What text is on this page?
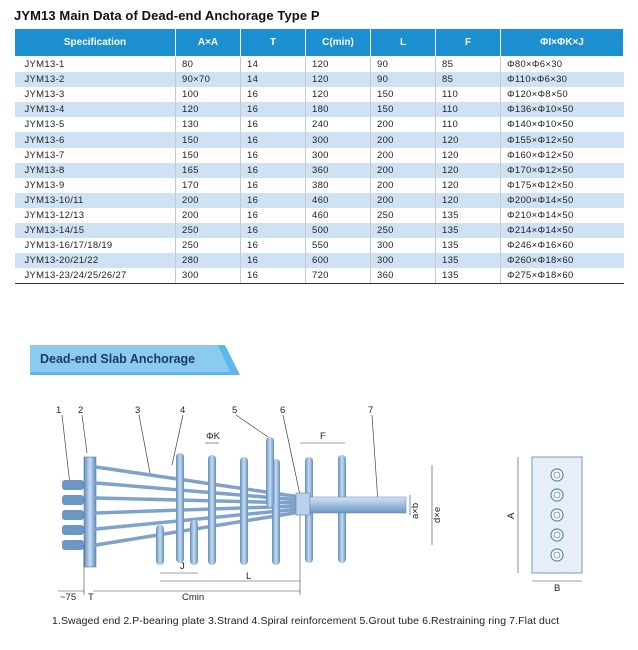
JYM13 Main Data of Dead-end Anchorage Type P
Specification	A×A	T	C(min)	L	F	ΦI×ΦK×J
JYM13-1	80	14	120	90	85	Φ80×Φ6×30
JYM13-2	90×70	14	120	90	85	Φ110×Φ6×30
JYM13-3	100	16	120	150	110	Φ120×Φ8×50
JYM13-4	120	16	180	150	110	Φ136×Φ10×50
JYM13-5	130	16	240	200	110	Φ140×Φ10×50
JYM13-6	150	16	300	200	120	Φ155×Φ12×50
JYM13-7	150	16	300	200	120	Φ160×Φ12×50
JYM13-8	165	16	360	200	120	Φ170×Φ12×50
JYM13-9	170	16	380	200	120	Φ175×Φ12×50
JYM13-10/11	200	16	460	200	120	Φ200×Φ14×50
JYM13-12/13	200	16	460	250	135	Φ210×Φ14×50
JYM13-14/15	250	16	500	250	135	Φ214×Φ14×50
JYM13-16/17/18/19	250	16	550	300	135	Φ246×Φ16×60
JYM13-20/21/22	280	16	600	300	135	Φ260×Φ18×60
JYM13-23/24/25/26/27	300	16	720	360	135	Φ275×Φ18×60
Dead-end Slab Anchorage
1 2	3	4	5	6	7
ΦK	F
a×b d×e
J
L
Cmin
~75 T
A
B
1.Swaged end 2.P-bearing plate 3.Strand 4.Spiral reinforcement 5.Grout tube 6.Restraining ring 7.Flat duct
